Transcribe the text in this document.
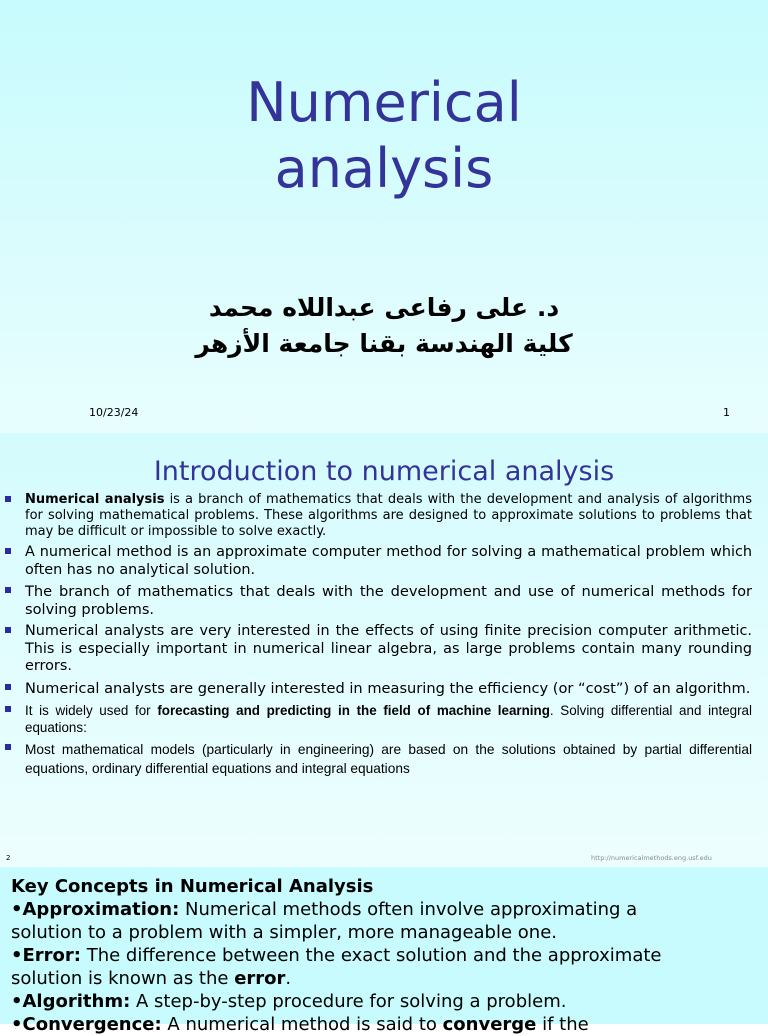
Numerical
analysis
د. على رفاعى عبداللاه محمد
كلية الهندسة بقنا جامعة الأزهر
10/23/24	1
Introduction to numerical analysis
Numerical analysis is a branch of mathematics that deals with the development and analysis of algorithms for solving mathematical problems. These algorithms are designed to approximate solutions to problems that may be difficult or impossible to solve exactly.
A numerical method is an approximate computer method for solving a mathematical problem which often has no analytical solution.
The branch of mathematics that deals with the development and use of numerical methods for solving problems.
Numerical analysts are very interested in the effects of using finite precision computer arithmetic. This is especially important in numerical linear algebra, as large problems contain many rounding errors.
Numerical analysts are generally interested in measuring the efficiency (or “cost”) of an algorithm.
It is widely used for forecasting and predicting in the field of machine learning. Solving differential and integral equations:
Most mathematical models (particularly in engineering) are based on the solutions obtained by partial differential equations, ordinary differential equations and integral equations
2	http://numericalmethods.eng.usf.edu
Key Concepts in Numerical Analysis
•Approximation: Numerical methods often involve approximating a solution to a problem with a simpler, more manageable one.
•Error: The difference between the exact solution and the approximate solution is known as the error.
•Algorithm: A step-by-step procedure for solving a problem.
•Convergence: A numerical method is said to converge if the
